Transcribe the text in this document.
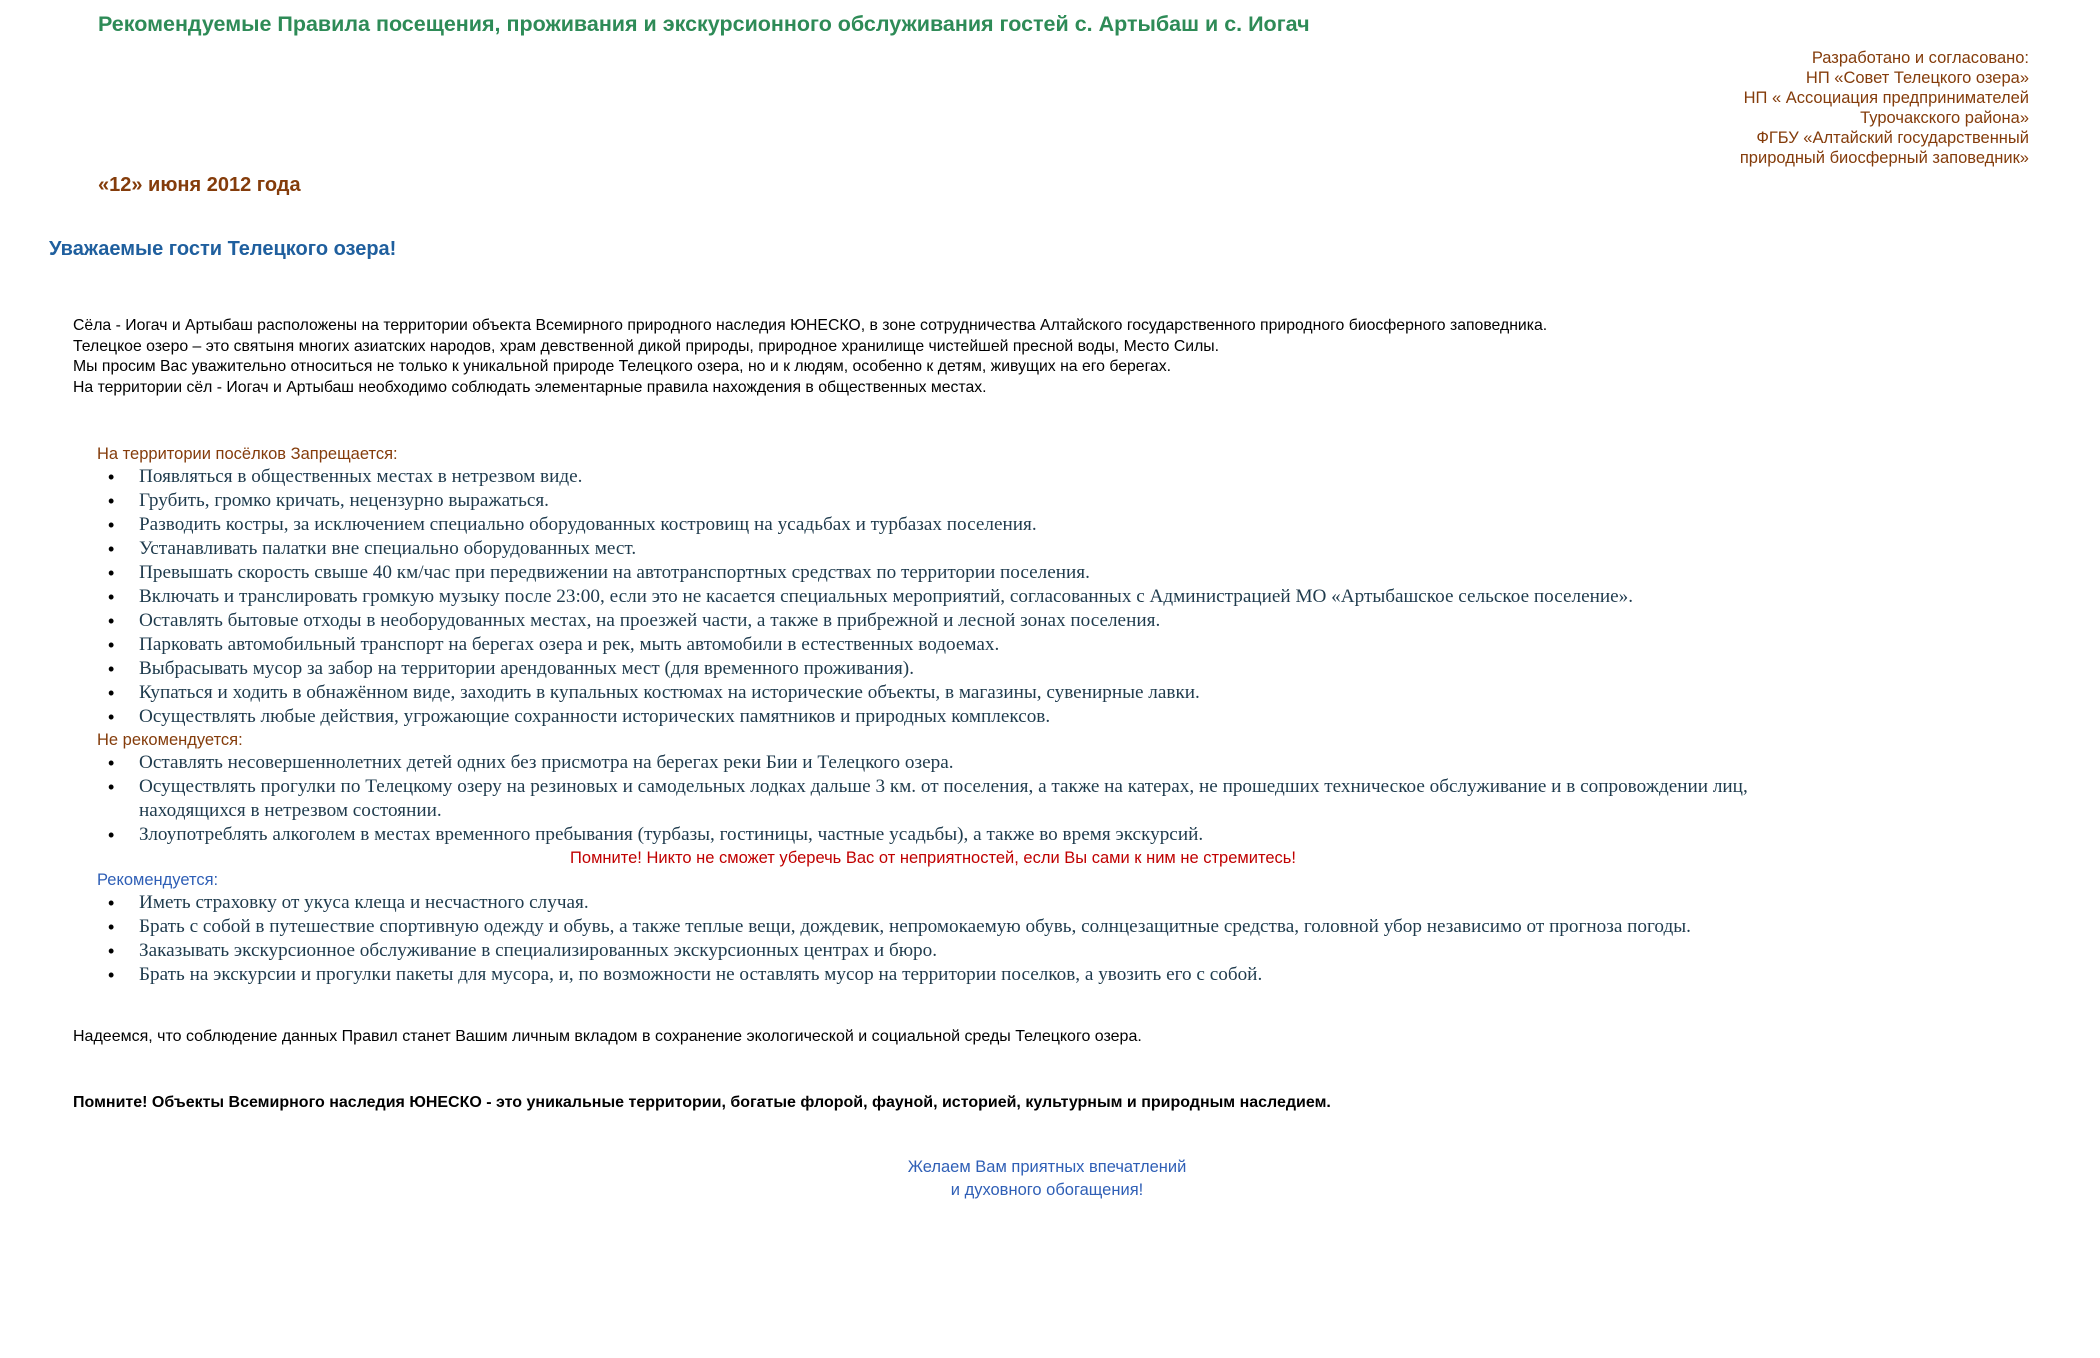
Рекомендуемые Правила посещения, проживания и экскурсионного обслуживания гостей с. Артыбаш и с. Иогач
Разработано и согласовано:
НП «Совет Телецкого озера»
НП « Ассоциация предпринимателей
Турочакского района»
ФГБУ «Алтайский государственный
природный биосферный заповедник»
«12» июня 2012 года
Уважаемые гости Телецкого озера!
Сёла - Иогач и Артыбаш расположены на территории объекта Всемирного природного наследия ЮНЕСКО, в зоне сотрудничества Алтайского государственного природного биосферного заповедника.
Телецкое озеро – это святыня многих азиатских народов, храм девственной дикой природы, природное хранилище чистейшей пресной воды, Место Силы.
Мы просим Вас уважительно относиться не только к уникальной природе Телецкого озера, но и к людям, особенно к детям, живущих на его берегах.
На территории сёл - Иогач и Артыбаш необходимо соблюдать элементарные правила нахождения в общественных местах.
На территории посёлков Запрещается:
• Появляться в общественных местах в нетрезвом виде.
• Грубить, громко кричать, нецензурно выражаться.
• Разводить костры, за исключением специально оборудованных костровищ на усадьбах и турбазах поселения.
• Устанавливать палатки вне специально оборудованных мест.
• Превышать скорость свыше 40 км/час при передвижении на автотранспортных средствах по территории поселения.
• Включать и транслировать громкую музыку после 23:00, если это не касается специальных мероприятий, согласованных с Администрацией МО «Артыбашское сельское поселение».
• Оставлять бытовые отходы в необорудованных местах, на проезжей части, а также в прибрежной и лесной зонах поселения.
• Парковать автомобильный транспорт на берегах озера и рек, мыть автомобили в естественных водоемах.
• Выбрасывать мусор за забор на территории арендованных мест (для временного проживания).
• Купаться и ходить в обнажённом виде, заходить в купальных костюмах на исторические объекты, в магазины, сувенирные лавки.
• Осуществлять любые действия, угрожающие сохранности исторических памятников и природных комплексов.
Не рекомендуется:
• Оставлять несовершеннолетних детей одних без присмотра на берегах реки Бии и Телецкого озера.
• Осуществлять прогулки по Телецкому озеру на резиновых и самодельных лодках дальше 3 км. от поселения, а также на катерах, не прошедших техническое обслуживание и в сопровождении лиц,
находящихся в нетрезвом состоянии.
• Злоупотреблять алкоголем в местах временного пребывания (турбазы, гостиницы, частные усадьбы), а также во время экскурсий.
Помните! Никто не сможет уберечь Вас от неприятностей, если Вы сами к ним не стремитесь!
Рекомендуется:
• Иметь страховку от укуса клеща и несчастного случая.
• Брать с собой в путешествие спортивную одежду и обувь, а также теплые вещи, дождевик, непромокаемую обувь, солнцезащитные средства, головной убор независимо от прогноза погоды.
• Заказывать экскурсионное обслуживание в специализированных экскурсионных центрах и бюро.
• Брать на экскурсии и прогулки пакеты для мусора, и, по возможности не оставлять мусор на территории поселков, а увозить его с собой.
Надеемся, что соблюдение данных Правил станет Вашим личным вкладом в сохранение экологической и социальной среды Телецкого озера.
Помните! Объекты Всемирного наследия ЮНЕСКО - это уникальные территории, богатые флорой, фауной, историей, культурным и природным наследием.
Желаем Вам приятных впечатлений
и духовного обогащения!
